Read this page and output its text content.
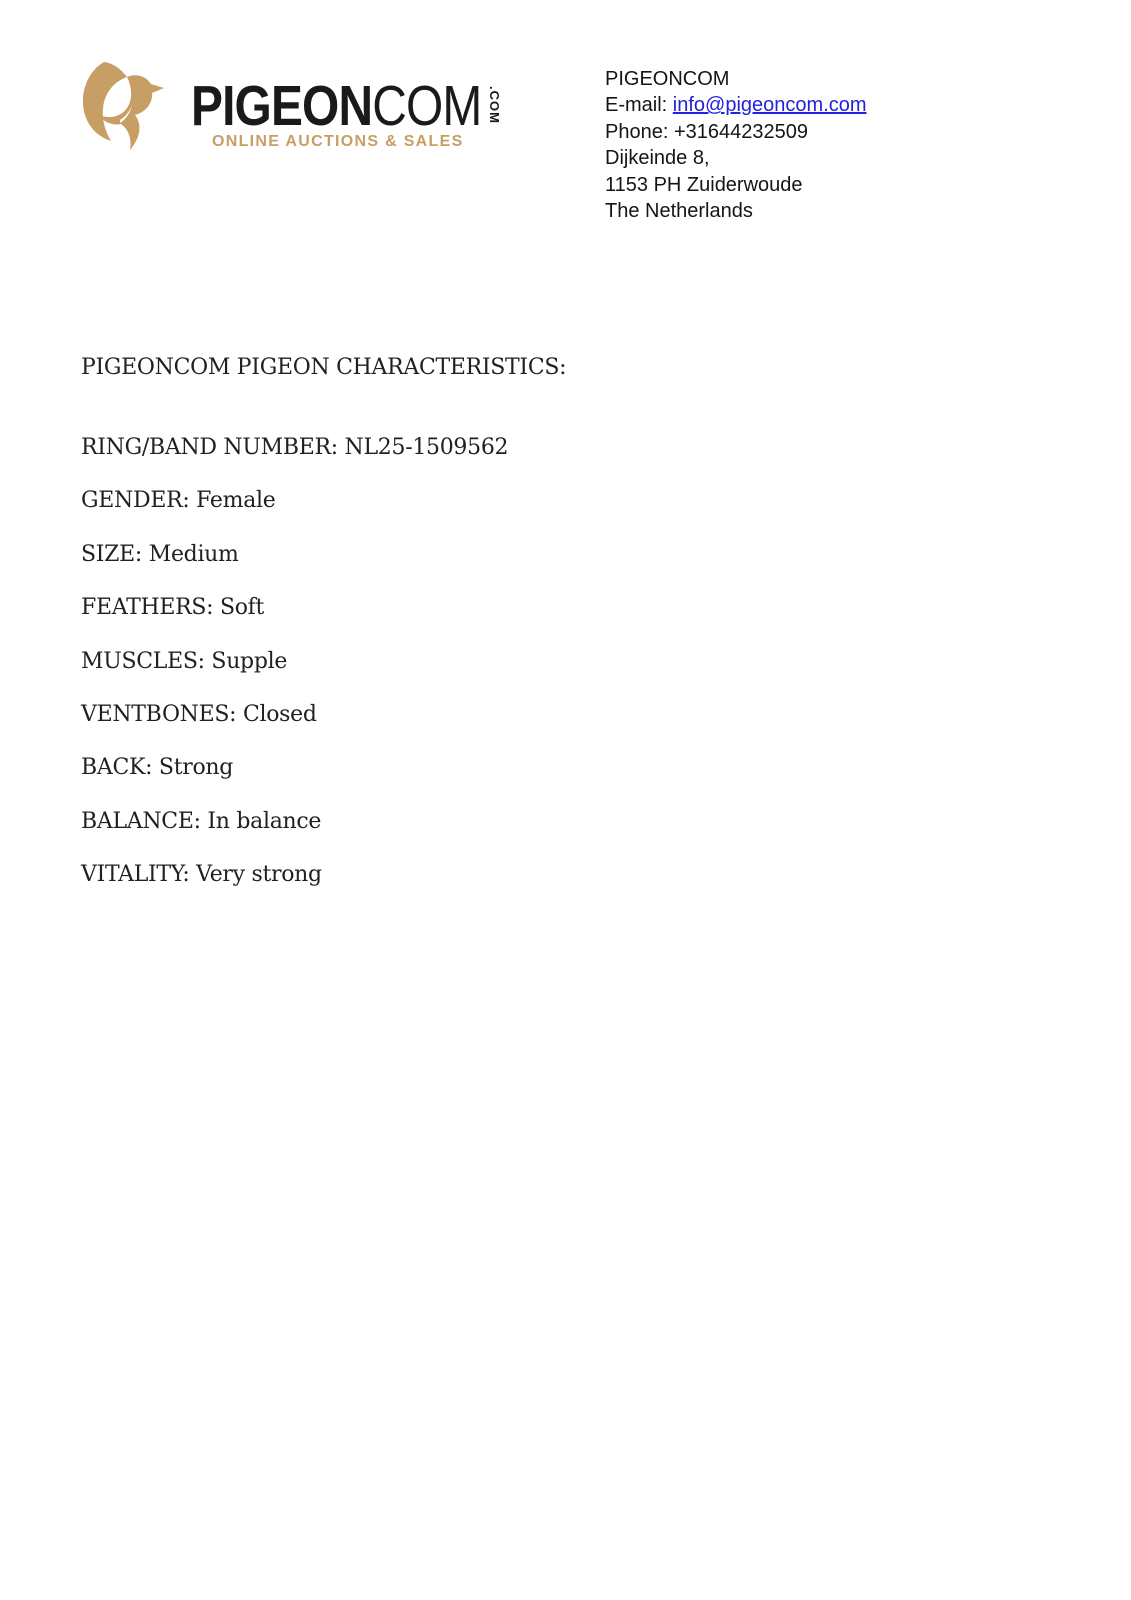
PIGEONCOM .COM
ONLINE AUCTIONS & SALES
PIGEONCOM
E-mail: info@pigeoncom.com
Phone: +31644232509
Dijkeinde 8,
1153 PH Zuiderwoude
The Netherlands

PIGEONCOM PIGEON CHARACTERISTICS:

RING/BAND NUMBER: NL25-1509562

GENDER: Female

SIZE: Medium

FEATHERS: Soft

MUSCLES: Supple

VENTBONES: Closed

BACK: Strong

BALANCE: In balance

VITALITY: Very strong
